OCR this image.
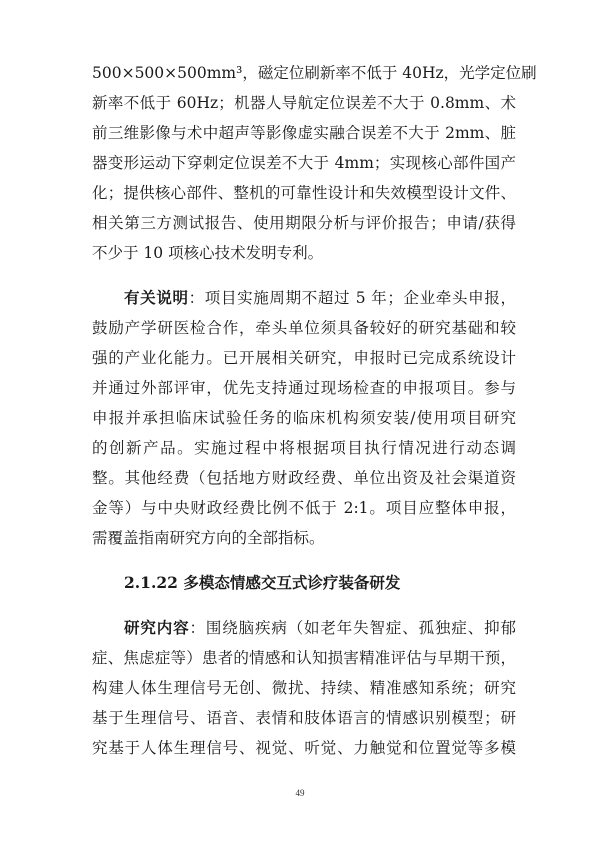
500×500×500mm³，磁定位刷新率不低于 40Hz，光学定位刷
新率不低于 60Hz；机器人导航定位误差不大于 0.8mm、术
前三维影像与术中超声等影像虚实融合误差不大于 2mm、脏
器变形运动下穿刺定位误差不大于 4mm；实现核心部件国产
化；提供核心部件、整机的可靠性设计和失效模型设计文件、
相关第三方测试报告、使用期限分析与评价报告；申请/获得
不少于 10 项核心技术发明专利。
有关说明：项目实施周期不超过 5 年；企业牵头申报，
鼓励产学研医检合作，牵头单位须具备较好的研究基础和较
强的产业化能力。已开展相关研究，申报时已完成系统设计
并通过外部评审，优先支持通过现场检查的申报项目。参与
申报并承担临床试验任务的临床机构须安装/使用项目研究
的创新产品。实施过程中将根据项目执行情况进行动态调
整。其他经费（包括地方财政经费、单位出资及社会渠道资
金等）与中央财政经费比例不低于 2:1。项目应整体申报，
需覆盖指南研究方向的全部指标。
2.1.22 多模态情感交互式诊疗装备研发
研究内容：围绕脑疾病（如老年失智症、孤独症、抑郁
症、焦虑症等）患者的情感和认知损害精准评估与早期干预，
构建人体生理信号无创、微扰、持续、精准感知系统；研究
基于生理信号、语音、表情和肢体语言的情感识别模型；研
究基于人体生理信号、视觉、听觉、力触觉和位置觉等多模
49
